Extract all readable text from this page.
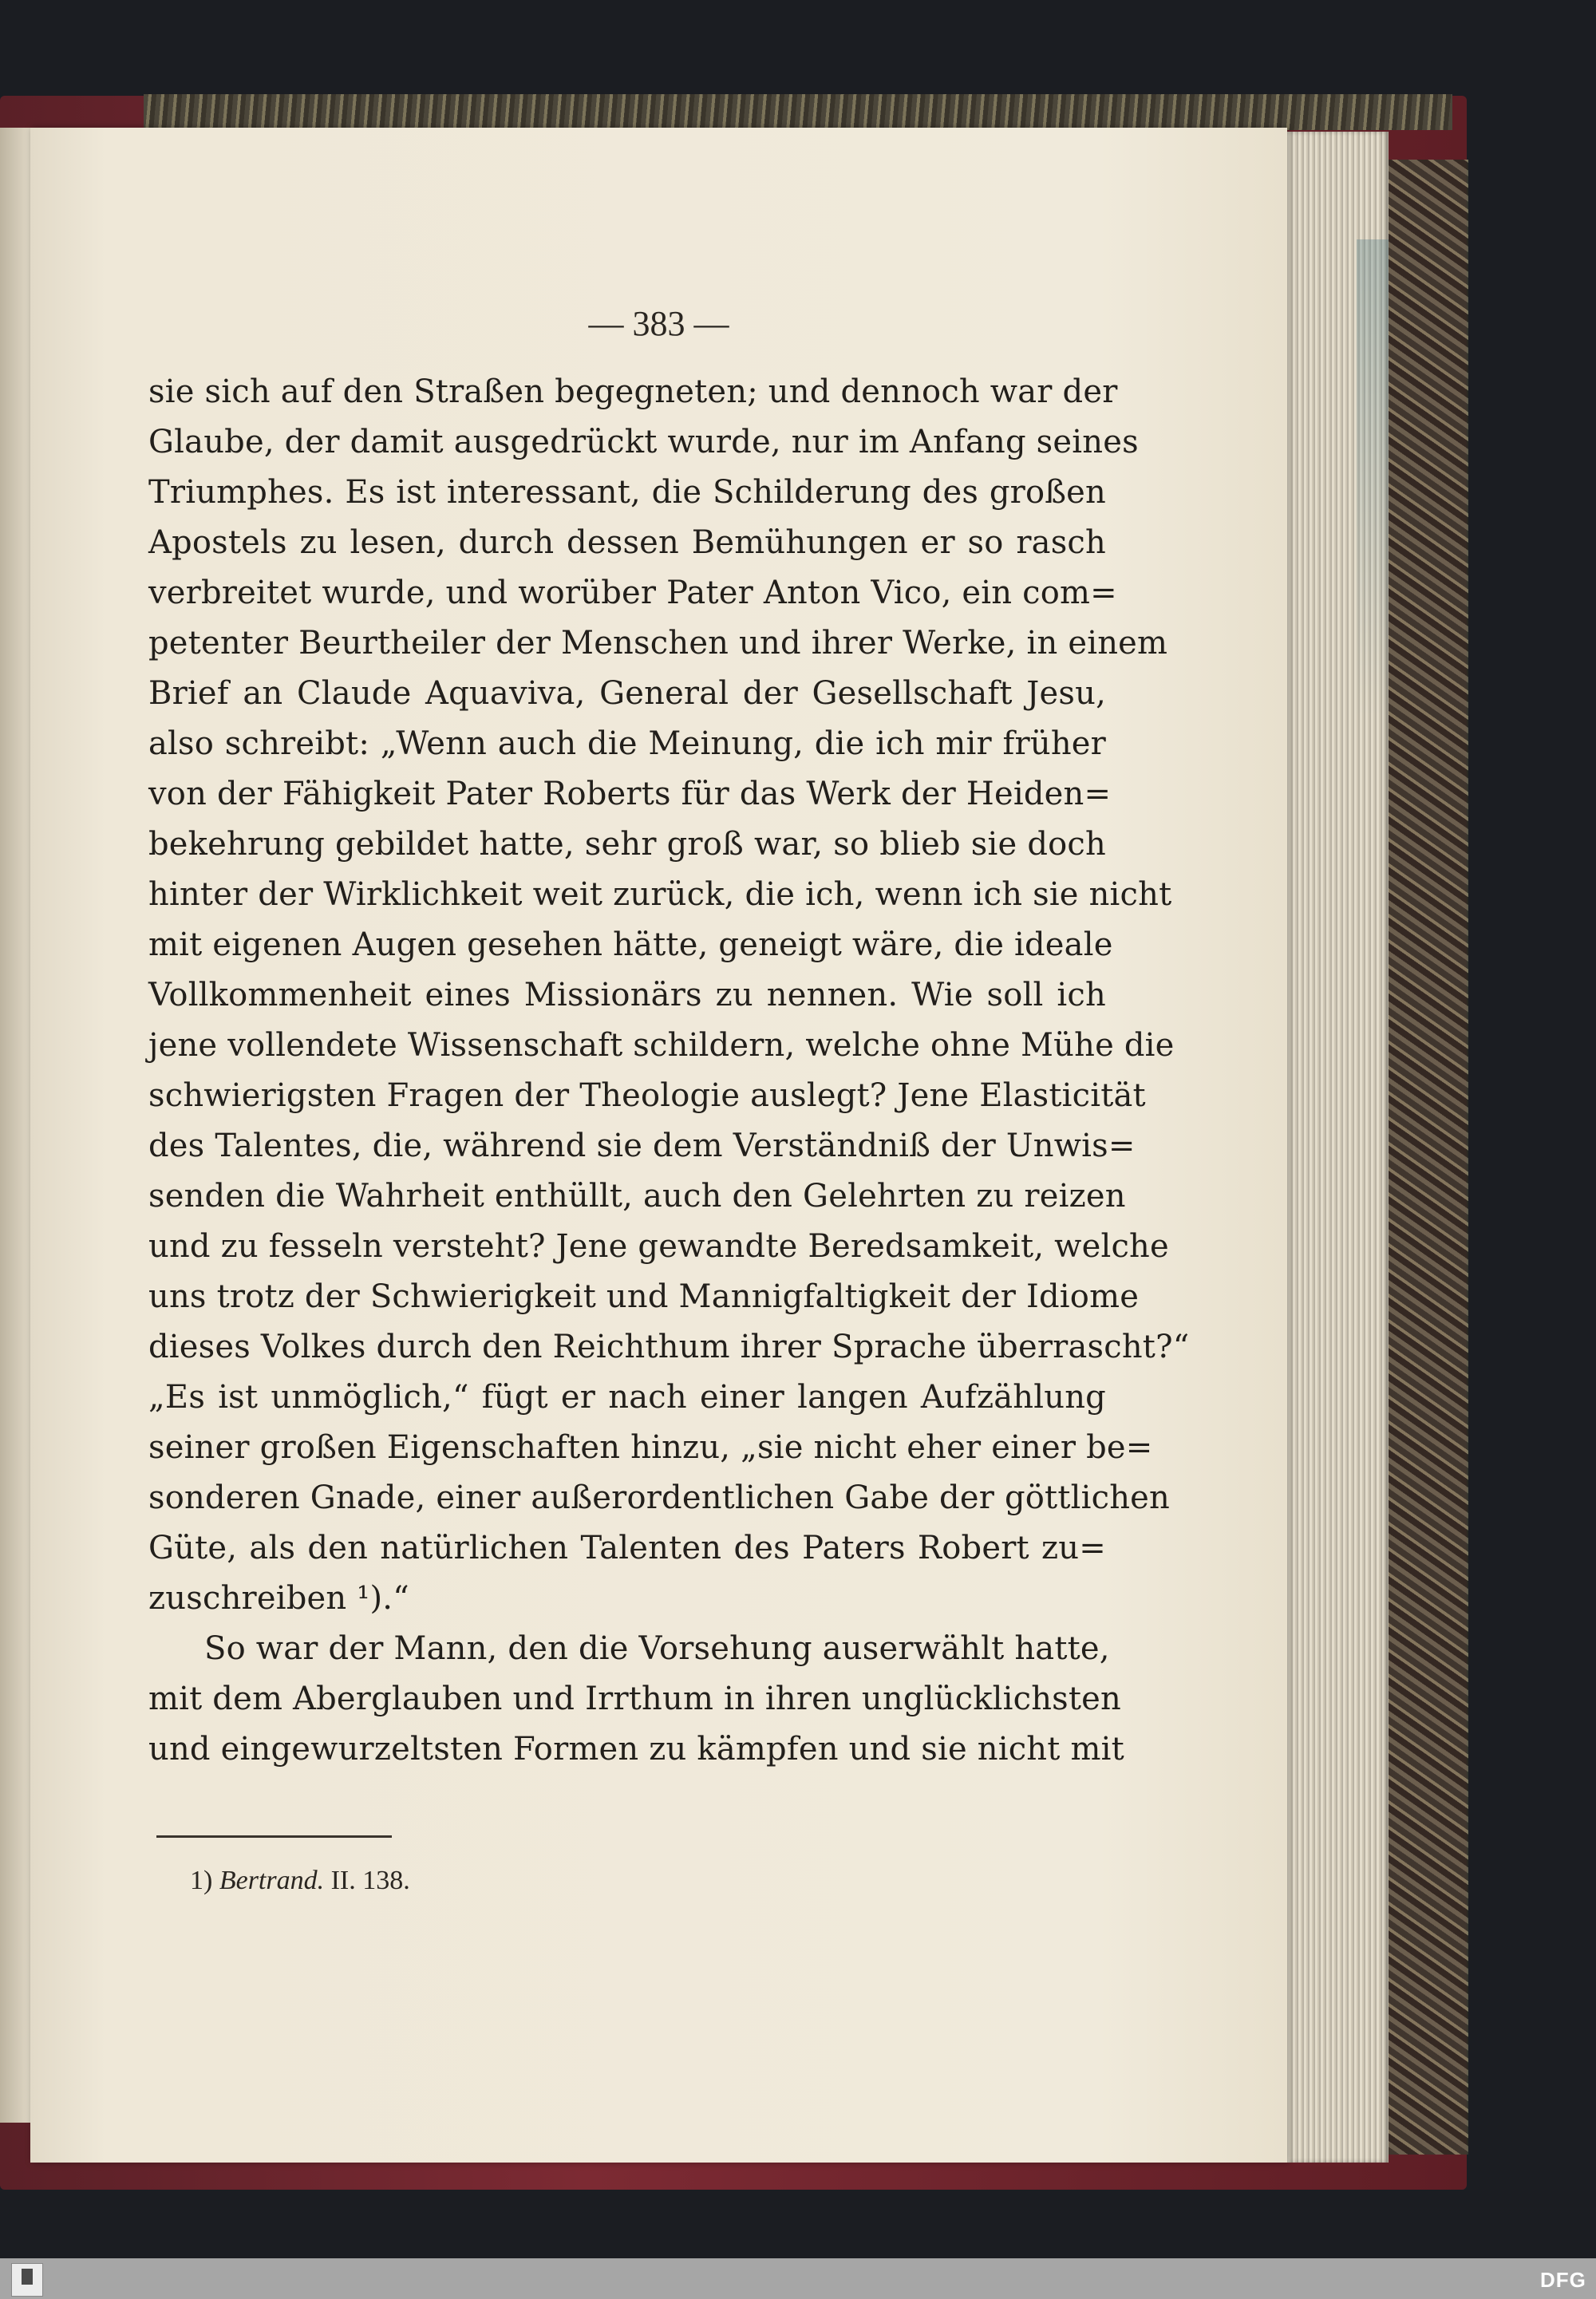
— 383 —
sie sich auf den Straßen begegneten; und dennoch war der
Glaube, der damit ausgedrückt wurde, nur im Anfang seines
Triumphes. Es ist interessant, die Schilderung des großen
Apostels zu lesen, durch dessen Bemühungen er so rasch
verbreitet wurde, und worüber Pater Anton Vico, ein com=
petenter Beurtheiler der Menschen und ihrer Werke, in einem
Brief an Claude Aquaviva, General der Gesellschaft Jesu,
also schreibt: „Wenn auch die Meinung, die ich mir früher
von der Fähigkeit Pater Roberts für das Werk der Heiden=
bekehrung gebildet hatte, sehr groß war, so blieb sie doch
hinter der Wirklichkeit weit zurück, die ich, wenn ich sie nicht
mit eigenen Augen gesehen hätte, geneigt wäre, die ideale
Vollkommenheit eines Missionärs zu nennen. Wie soll ich
jene vollendete Wissenschaft schildern, welche ohne Mühe die
schwierigsten Fragen der Theologie auslegt? Jene Elasticität
des Talentes, die, während sie dem Verständniß der Unwis=
senden die Wahrheit enthüllt, auch den Gelehrten zu reizen
und zu fesseln versteht? Jene gewandte Beredsamkeit, welche
uns trotz der Schwierigkeit und Mannigfaltigkeit der Idiome
dieses Volkes durch den Reichthum ihrer Sprache überrascht?“
„Es ist unmöglich,“ fügt er nach einer langen Aufzählung
seiner großen Eigenschaften hinzu, „sie nicht eher einer be=
sonderen Gnade, einer außerordentlichen Gabe der göttlichen
Güte, als den natürlichen Talenten des Paters Robert zu=
zuschreiben ¹).“
So war der Mann, den die Vorsehung auserwählt hatte,
mit dem Aberglauben und Irrthum in ihren unglücklichsten
und eingewurzeltsten Formen zu kämpfen und sie nicht mit
1) Bertrand. II. 138.
DFG
